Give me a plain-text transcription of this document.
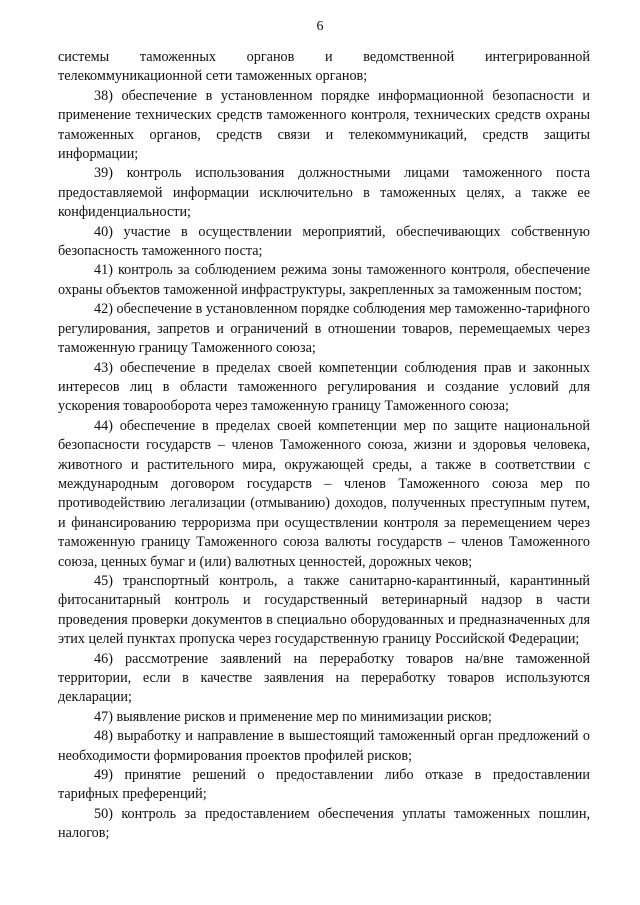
6

системы таможенных органов и ведомственной интегрированной телекоммуникационной сети таможенных органов;

38) обеспечение в установленном порядке информационной безопасности и применение технических средств таможенного контроля, технических средств охраны таможенных органов, средств связи и телекоммуникаций, средств защиты информации;

39) контроль использования должностными лицами таможенного поста предоставляемой информации исключительно в таможенных целях, а также ее конфиденциальности;

40) участие в осуществлении мероприятий, обеспечивающих собственную безопасность таможенного поста;

41) контроль за соблюдением режима зоны таможенного контроля, обеспечение охраны объектов таможенной инфраструктуры, закрепленных за таможенным постом;

42) обеспечение в установленном порядке соблюдения мер таможенно-тарифного регулирования, запретов и ограничений в отношении товаров, перемещаемых через таможенную границу Таможенного союза;

43) обеспечение в пределах своей компетенции соблюдения прав и законных интересов лиц в области таможенного регулирования и создание условий для ускорения товарооборота через таможенную границу Таможенного союза;

44) обеспечение в пределах своей компетенции мер по защите национальной безопасности государств – членов Таможенного союза, жизни и здоровья человека, животного и растительного мира, окружающей среды, а также в соответствии с международным договором государств – членов Таможенного союза мер по противодействию легализации (отмыванию) доходов, полученных преступным путем, и финансированию терроризма при осуществлении контроля за перемещением через таможенную границу Таможенного союза валюты государств – членов Таможенного союза, ценных бумаг и (или) валютных ценностей, дорожных чеков;

45) транспортный контроль, а также санитарно-карантинный, карантинный фитосанитарный контроль и государственный ветеринарный надзор в части проведения проверки документов в специально оборудованных и предназначенных для этих целей пунктах пропуска через государственную границу Российской Федерации;

46) рассмотрение заявлений на переработку товаров на/вне таможенной территории, если в качестве заявления на переработку товаров используются декларации;

47) выявление рисков и применение мер по минимизации рисков;

48) выработку и направление в вышестоящий таможенный орган предложений о необходимости формирования проектов профилей рисков;

49) принятие решений о предоставлении либо отказе в предоставлении тарифных преференций;

50) контроль за предоставлением обеспечения уплаты таможенных пошлин, налогов;
